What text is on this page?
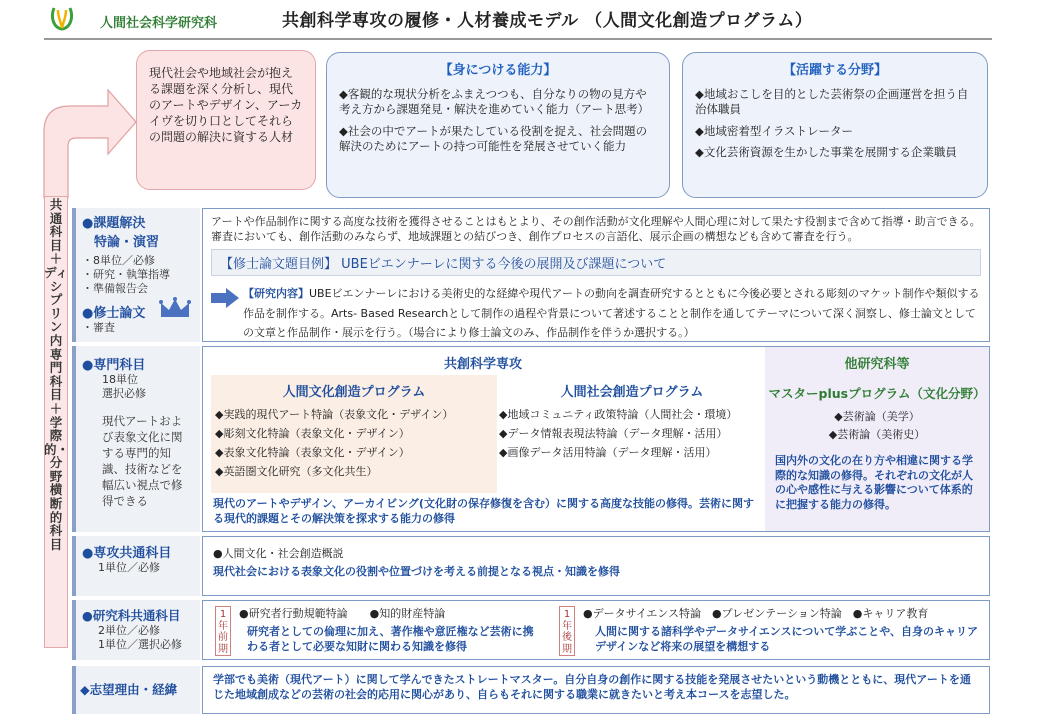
人間社会科学研究科	共創科学専攻の履修・人材養成モデル （人間文化創造プログラム）
現代社会や地域社会が抱える課題を深く分析し、現代のアートやデザイン、アーカイヴを切り口としてそれらの問題の解決に資する人材
【身につける能力】
◆客観的な現状分析をふまえつつも、自分なりの物の見方や考え方から課題発見・解決を進めていく能力（アート思考）
◆社会の中でアートが果たしている役割を捉え、社会問題の解決のためにアートの持つ可能性を発展させていく能力
【活躍する分野】
◆地域おこしを目的とした芸術祭の企画運営を担う自治体職員
◆地域密着型イラストレーター
◆文化芸術資源を生かした事業を展開する企業職員
共通科目＋ディシプリン内専門科目＋学際的・分野横断的科目
●課題解決
特論・演習
・8単位／必修
・研究・執筆指導
・準備報告会
●修士論文
・審査
アートや作品制作に関する高度な技術を獲得させることはもとより、その創作活動が文化理解や人間心理に対して果たす役割まで含めて指導・助言できる。審査においても、創作活動のみならず、地域課題との結びつき、創作プロセスの言語化、展示企画の構想なども含めて審査を行う。
【修士論文題目例】 UBEビエンナーレに関する今後の展開及び課題について
【研究内容】UBEビエンナーレにおける美術史的な経緯や現代アートの動向を調査研究するとともに今後必要とされる彫刻のマケット制作や類似する作品を制作する。Arts- Based Researchとして制作の過程や背景について著述することと制作を通してテーマについて深く洞察し、修士論文としての文章と作品制作・展示を行う。（場合により修士論文のみ、作品制作を伴うか選択する。）
●専門科目
18単位
選択必修
現代アートおよび表象文化に関する専門的知識、技術などを幅広い視点で修得できる
共創科学専攻
人間文化創造プログラム
◆実践的現代アート特論（表象文化・デザイン）
◆彫刻文化特論（表象文化・デザイン）
◆表象文化特論（表象文化・デザイン）
◆英語圏文化研究（多文化共生）
人間社会創造プログラム
◆地域コミュニティ政策特論（人間社会・環境）
◆データ情報表現法特論（データ理解・活用）
◆画像データ活用特論（データ理解・活用）
現代のアートやデザイン、アーカイビング(文化財の保存修復を含む）に関する高度な技能の修得。芸術に関する現代的課題とその解決策を探求する能力の修得
他研究科等
マスターplusプログラム（文化分野）
◆芸術論（美学）
◆芸術論（美術史）
国内外の文化の在り方や相違に関する学際的な知識の修得。それぞれの文化が人の心や感性に与える影響について体系的に把握する能力の修得。
●専攻共通科目
1単位／必修
●人間文化・社会創造概説
現代社会における表象文化の役割や位置づけを考える前提となる視点・知識を修得
●研究科共通科目
2単位／必修
1単位／選択必修
1年前期
●研究者行動規範特論　　●知的財産特論
研究者としての倫理に加え、著作権や意匠権など芸術に携わる者として必要な知財に関わる知識を修得
1年後期
●データサイエンス特論　●プレゼンテーション特論　●キャリア教育
人間に関する諸科学やデータサイエンスについて学ぶことや、自身のキャリアデザインなど将来の展望を構想する
◆志望理由・経緯
学部でも美術（現代アート）に関して学んできたストレートマスター。自分自身の創作に関する技能を発展させたいという動機とともに、現代アートを通じた地域創成などの芸術の社会的応用に関心があり、自らもそれに関する職業に就きたいと考え本コースを志望した。
